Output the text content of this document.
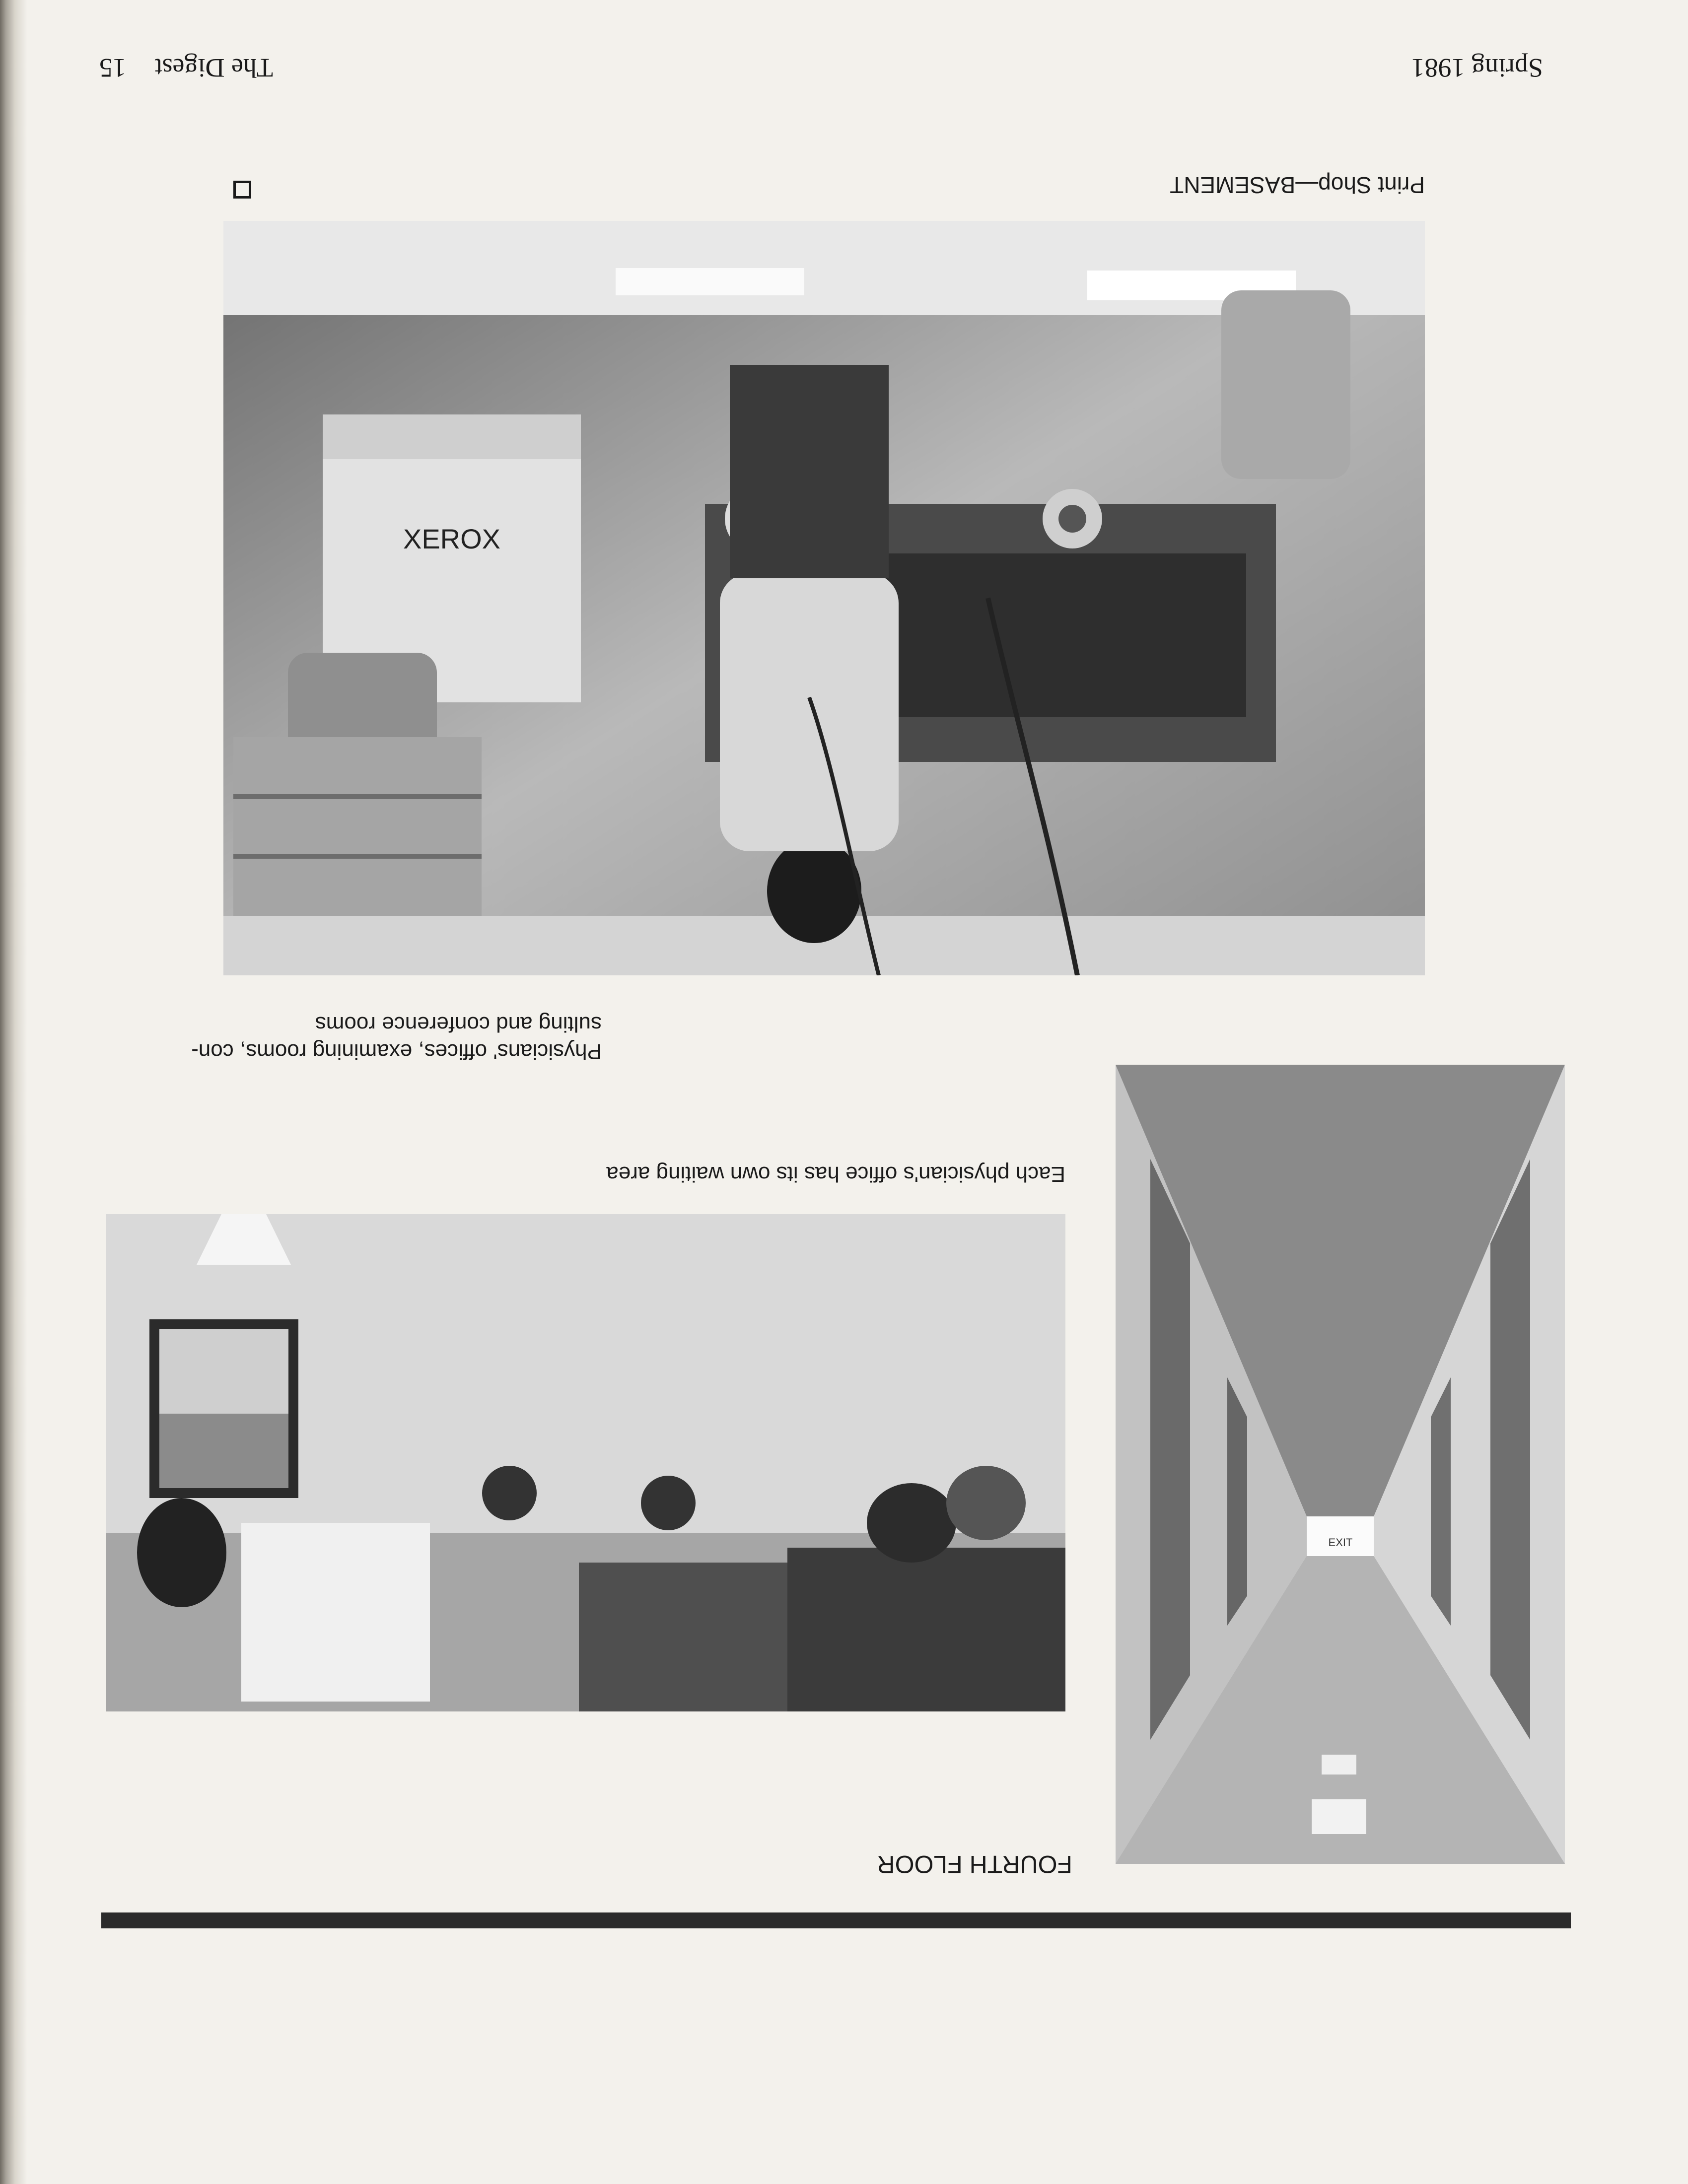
Spring 1981
The Digest 15
Print Shop—BASEMENT
XEROX
Physicians' offices, examining rooms, con-
sulting and conference rooms
Each physician's office has its own waiting area
EXIT
FOURTH FLOOR
